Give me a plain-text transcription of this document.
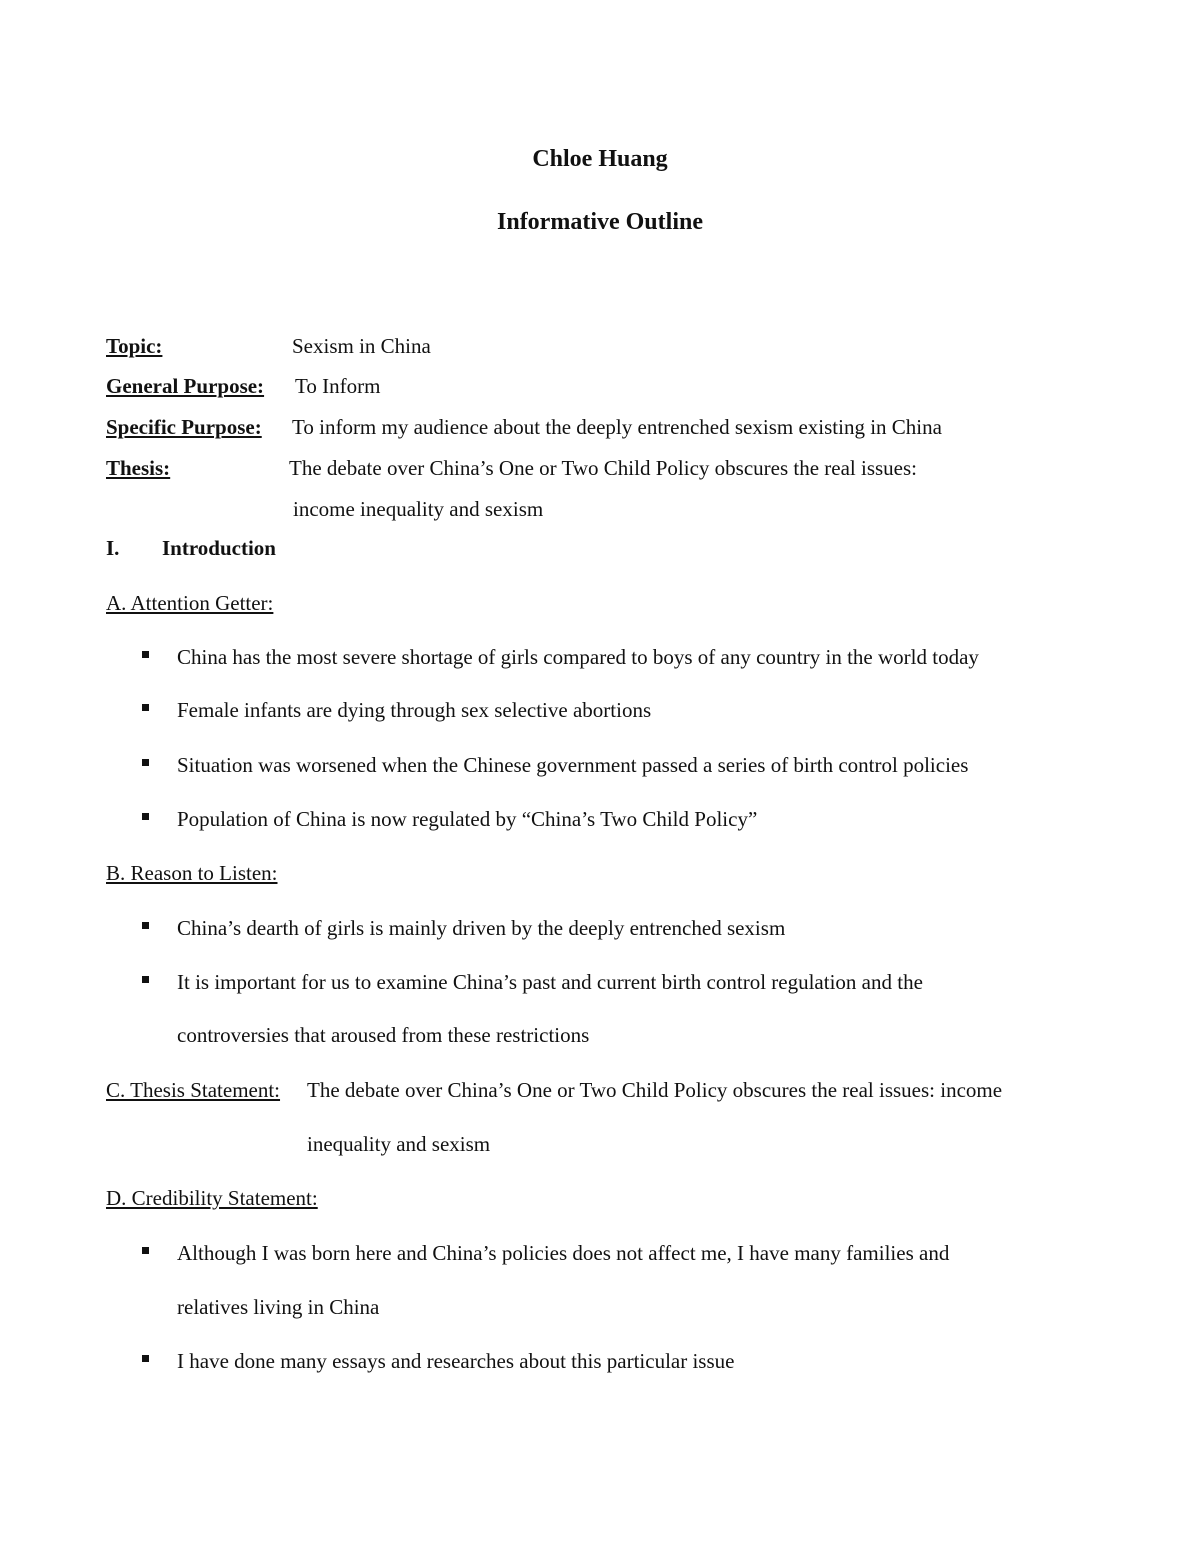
Chloe Huang
Informative Outline
Topic:	Sexism in China
General Purpose: To Inform
Specific Purpose: To inform my audience about the deeply entrenched sexism existing in China
Thesis:	The debate over China’s One or Two Child Policy obscures the real issues:
income inequality and sexism
I. Introduction
A. Attention Getter:
China has the most severe shortage of girls compared to boys of any country in the world today
Female infants are dying through sex selective abortions
Situation was worsened when the Chinese government passed a series of birth control policies
Population of China is now regulated by “China’s Two Child Policy”
B. Reason to Listen:
China’s dearth of girls is mainly driven by the deeply entrenched sexism
It is important for us to examine China’s past and current birth control regulation and the
controversies that aroused from these restrictions
C. Thesis Statement: The debate over China’s One or Two Child Policy obscures the real issues: income
inequality and sexism
D. Credibility Statement:
Although I was born here and China’s policies does not affect me, I have many families and
relatives living in China
I have done many essays and researches about this particular issue
